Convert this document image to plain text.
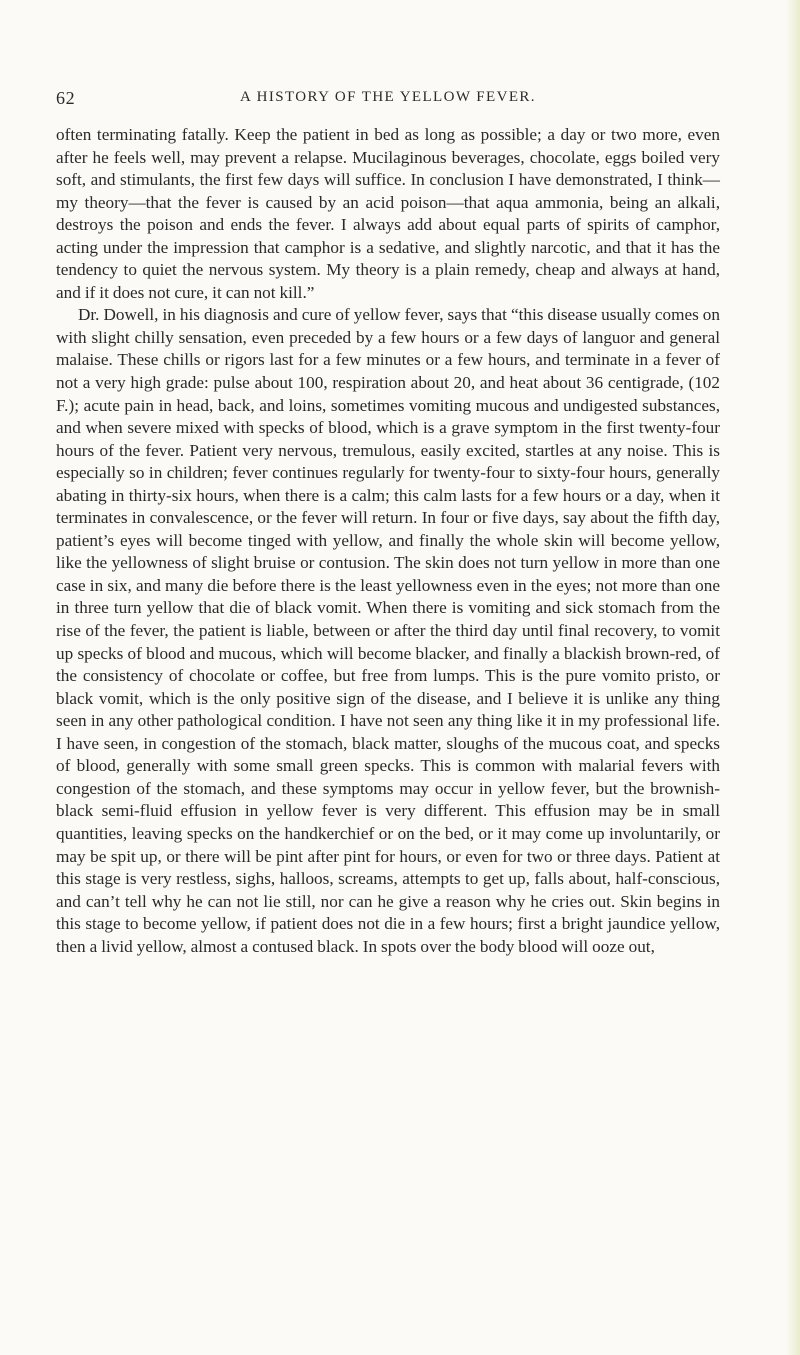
62	A HISTORY OF THE YELLOW FEVER.

often terminating fatally. Keep the patient in bed as long as possible; a day or two more, even after he feels well, may prevent a relapse. Mucilaginous beverages, chocolate, eggs boiled very soft, and stimulants, the first few days will suffice. In conclusion I have demonstrated, I think—my theory—that the fever is caused by an acid poison—that aqua ammonia, being an alkali, destroys the poison and ends the fever. I always add about equal parts of spirits of camphor, acting under the impression that camphor is a sedative, and slightly narcotic, and that it has the tendency to quiet the nervous system. My theory is a plain remedy, cheap and always at hand, and if it does not cure, it can not kill.”

Dr. Dowell, in his diagnosis and cure of yellow fever, says that “this disease usually comes on with slight chilly sensation, even preceded by a few hours or a few days of languor and general malaise. These chills or rigors last for a few minutes or a few hours, and terminate in a fever of not a very high grade: pulse about 100, respiration about 20, and heat about 36 centigrade, (102 F.); acute pain in head, back, and loins, sometimes vomiting mucous and undigested substances, and when severe mixed with specks of blood, which is a grave symptom in the first twenty-four hours of the fever. Patient very nervous, tremulous, easily excited, startles at any noise. This is especially so in children; fever continues regularly for twenty-four to sixty-four hours, generally abating in thirty-six hours, when there is a calm; this calm lasts for a few hours or a day, when it terminates in convalescence, or the fever will return. In four or five days, say about the fifth day, patient’s eyes will become tinged with yellow, and finally the whole skin will become yellow, like the yellowness of slight bruise or contusion. The skin does not turn yellow in more than one case in six, and many die before there is the least yellowness even in the eyes; not more than one in three turn yellow that die of black vomit. When there is vomiting and sick stomach from the rise of the fever, the patient is liable, between or after the third day until final recovery, to vomit up specks of blood and mucous, which will become blacker, and finally a blackish brown-red, of the consistency of chocolate or coffee, but free from lumps. This is the pure vomito pristo, or black vomit, which is the only positive sign of the disease, and I believe it is unlike any thing seen in any other pathological condition. I have not seen any thing like it in my professional life. I have seen, in congestion of the stomach, black matter, sloughs of the mucous coat, and specks of blood, generally with some small green specks. This is common with malarial fevers with congestion of the stomach, and these symptoms may occur in yellow fever, but the brownish-black semi-fluid effusion in yellow fever is very different. This effusion may be in small quantities, leaving specks on the handkerchief or on the bed, or it may come up involuntarily, or may be spit up, or there will be pint after pint for hours, or even for two or three days. Patient at this stage is very restless, sighs, halloos, screams, attempts to get up, falls about, half-conscious, and can’t tell why he can not lie still, nor can he give a reason why he cries out. Skin begins in this stage to become yellow, if patient does not die in a few hours; first a bright jaundice yellow, then a livid yellow, almost a contused black. In spots over the body blood will ooze out,
